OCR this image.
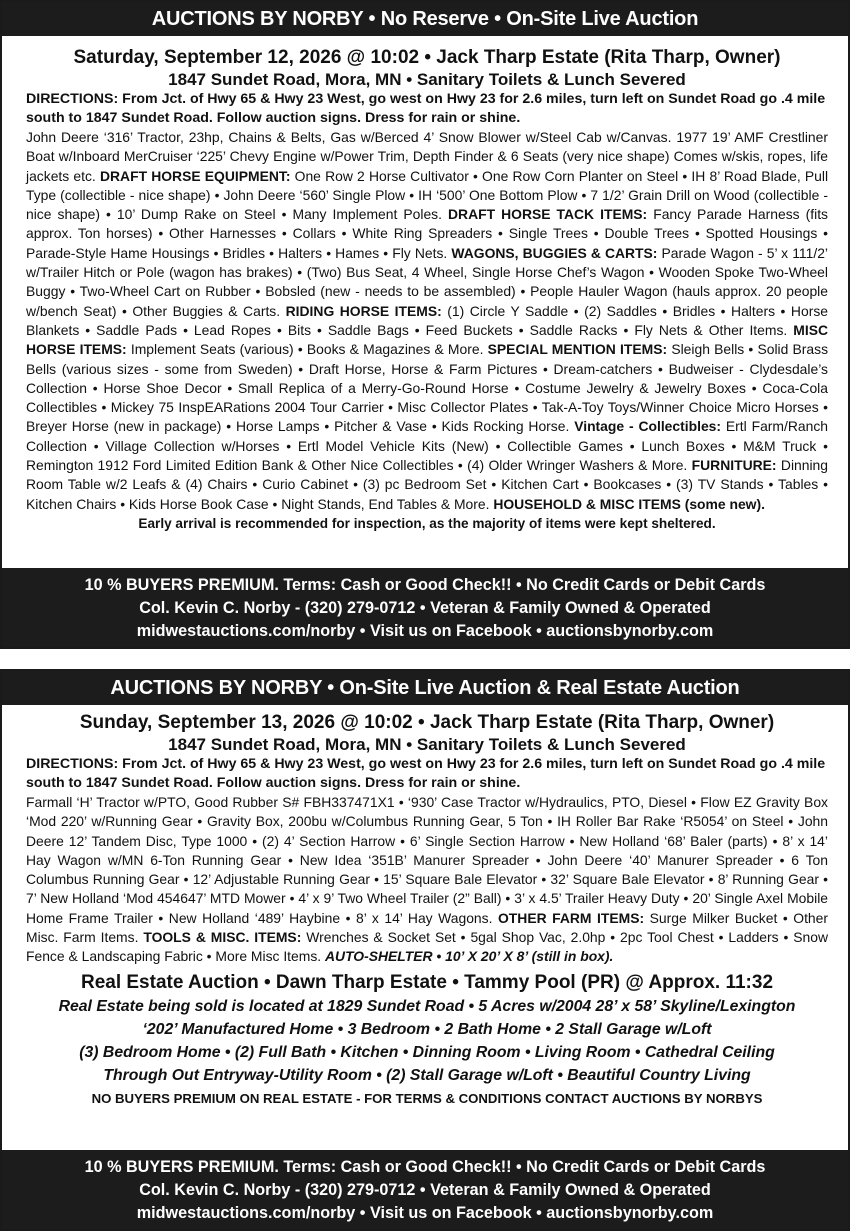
AUCTIONS BY NORBY • No Reserve • On-Site Live Auction
Saturday, September 12, 2026 @ 10:02 • Jack Tharp Estate (Rita Tharp, Owner)
1847 Sundet Road, Mora, MN • Sanitary Toilets & Lunch Severed
DIRECTIONS: From Jct. of Hwy 65 & Hwy 23 West, go west on Hwy 23 for 2.6 miles, turn left on Sundet Road go .4 mile south to 1847 Sundet Road. Follow auction signs. Dress for rain or shine.
John Deere ‘316’ Tractor, 23hp, Chains & Belts, Gas w/Berced 4’ Snow Blower w/Steel Cab w/Canvas. 1977 19’ AMF Crestliner Boat w/Inboard MerCruiser ‘225’ Chevy Engine w/Power Trim, Depth Finder & 6 Seats (very nice shape) Comes w/skis, ropes, life jackets etc. DRAFT HORSE EQUIPMENT: One Row 2 Horse Cultivator • One Row Corn Planter on Steel • IH 8’ Road Blade, Pull Type (collectible - nice shape) • John Deere ‘560’ Single Plow • IH ‘500’ One Bottom Plow • 7 1/2’ Grain Drill on Wood (collectible - nice shape) • 10’ Dump Rake on Steel • Many Implement Poles. DRAFT HORSE TACK ITEMS: Fancy Parade Harness (fits approx. Ton horses) • Other Harnesses • Collars • White Ring Spreaders • Single Trees • Double Trees • Spotted Housings • Parade-Style Hame Housings • Bridles • Halters • Hames • Fly Nets. WAGONS, BUGGIES & CARTS: Parade Wagon - 5’ x 111/2’ w/Trailer Hitch or Pole (wagon has brakes) • (Two) Bus Seat, 4 Wheel, Single Horse Chef’s Wagon • Wooden Spoke Two-Wheel Buggy • Two-Wheel Cart on Rubber • Bobsled (new - needs to be assembled) • People Hauler Wagon (hauls approx. 20 people w/bench Seat) • Other Buggies & Carts. RIDING HORSE ITEMS: (1) Circle Y Saddle • (2) Saddles • Bridles • Halters • Horse Blankets • Saddle Pads • Lead Ropes • Bits • Saddle Bags • Feed Buckets • Saddle Racks • Fly Nets & Other Items. MISC HORSE ITEMS: Implement Seats (various) • Books & Magazines & More. SPECIAL MENTION ITEMS: Sleigh Bells • Solid Brass Bells (various sizes - some from Sweden) • Draft Horse, Horse & Farm Pictures • Dream-catchers • Budweiser - Clydesdale’s Collection • Horse Shoe Decor • Small Replica of a Merry-Go-Round Horse • Costume Jewelry & Jewelry Boxes • Coca-Cola Collectibles • Mickey 75 InspEARations 2004 Tour Carrier • Misc Collector Plates • Tak-A-Toy Toys/Winner Choice Micro Horses • Breyer Horse (new in package) • Horse Lamps • Pitcher & Vase • Kids Rocking Horse. Vintage - Collectibles: Ertl Farm/Ranch Collection • Village Collection w/Horses • Ertl Model Vehicle Kits (New) • Collectible Games • Lunch Boxes • M&M Truck • Remington 1912 Ford Limited Edition Bank & Other Nice Collectibles • (4) Older Wringer Washers & More. FURNITURE: Dinning Room Table w/2 Leafs & (4) Chairs • Curio Cabinet • (3) pc Bedroom Set • Kitchen Cart • Bookcases • (3) TV Stands • Tables • Kitchen Chairs • Kids Horse Book Case • Night Stands, End Tables & More. HOUSEHOLD & MISC ITEMS (some new).
Early arrival is recommended for inspection, as the majority of items were kept sheltered.
10 % BUYERS PREMIUM. Terms: Cash or Good Check!! • No Credit Cards or Debit Cards
Col. Kevin C. Norby - (320) 279-0712 • Veteran & Family Owned & Operated
midwestauctions.com/norby • Visit us on Facebook • auctionsbynorby.com
AUCTIONS BY NORBY • On-Site Live Auction & Real Estate Auction
Sunday, September 13, 2026 @ 10:02 • Jack Tharp Estate (Rita Tharp, Owner)
1847 Sundet Road, Mora, MN • Sanitary Toilets & Lunch Severed
DIRECTIONS: From Jct. of Hwy 65 & Hwy 23 West, go west on Hwy 23 for 2.6 miles, turn left on Sundet Road go .4 mile south to 1847 Sundet Road. Follow auction signs. Dress for rain or shine.
Farmall ‘H’ Tractor w/PTO, Good Rubber S# FBH337471X1 • ‘930’ Case Tractor w/Hydraulics, PTO, Diesel • Flow EZ Gravity Box ‘Mod 220’ w/Running Gear • Gravity Box, 200bu w/Columbus Running Gear, 5 Ton • IH Roller Bar Rake ‘R5054’ on Steel • John Deere 12’ Tandem Disc, Type 1000 • (2) 4’ Section Harrow • 6’ Single Section Harrow • New Holland ‘68’ Baler (parts) • 8’ x 14’ Hay Wagon w/MN 6-Ton Running Gear • New Idea ‘351B’ Manurer Spreader • John Deere ‘40’ Manurer Spreader • 6 Ton Columbus Running Gear • 12’ Adjustable Running Gear • 15’ Square Bale Elevator • 32’ Square Bale Elevator • 8’ Running Gear • 7’ New Holland ‘Mod 454647’ MTD Mower • 4’ x 9’ Two Wheel Trailer (2” Ball) • 3’ x 4.5’ Trailer Heavy Duty • 20’ Single Axel Mobile Home Frame Trailer • New Holland ‘489’ Haybine • 8’ x 14’ Hay Wagons. OTHER FARM ITEMS: Surge Milker Bucket • Other Misc. Farm Items. TOOLS & MISC. ITEMS: Wrenches & Socket Set • 5gal Shop Vac, 2.0hp • 2pc Tool Chest • Ladders • Snow Fence & Landscaping Fabric • More Misc Items. AUTO-SHELTER • 10’ X 20’ X 8’ (still in box).
Real Estate Auction • Dawn Tharp Estate • Tammy Pool (PR) @ Approx. 11:32
Real Estate being sold is located at 1829 Sundet Road • 5 Acres w/2004 28’ x 58’ Skyline/Lexington
‘202’ Manufactured Home • 3 Bedroom • 2 Bath Home • 2 Stall Garage w/Loft
(3) Bedroom Home • (2) Full Bath • Kitchen • Dinning Room • Living Room • Cathedral Ceiling
Through Out Entryway-Utility Room • (2) Stall Garage w/Loft • Beautiful Country Living
NO BUYERS PREMIUM ON REAL ESTATE - FOR TERMS & CONDITIONS CONTACT AUCTIONS BY NORBYS
10 % BUYERS PREMIUM. Terms: Cash or Good Check!! • No Credit Cards or Debit Cards
Col. Kevin C. Norby - (320) 279-0712 • Veteran & Family Owned & Operated
midwestauctions.com/norby • Visit us on Facebook • auctionsbynorby.com
